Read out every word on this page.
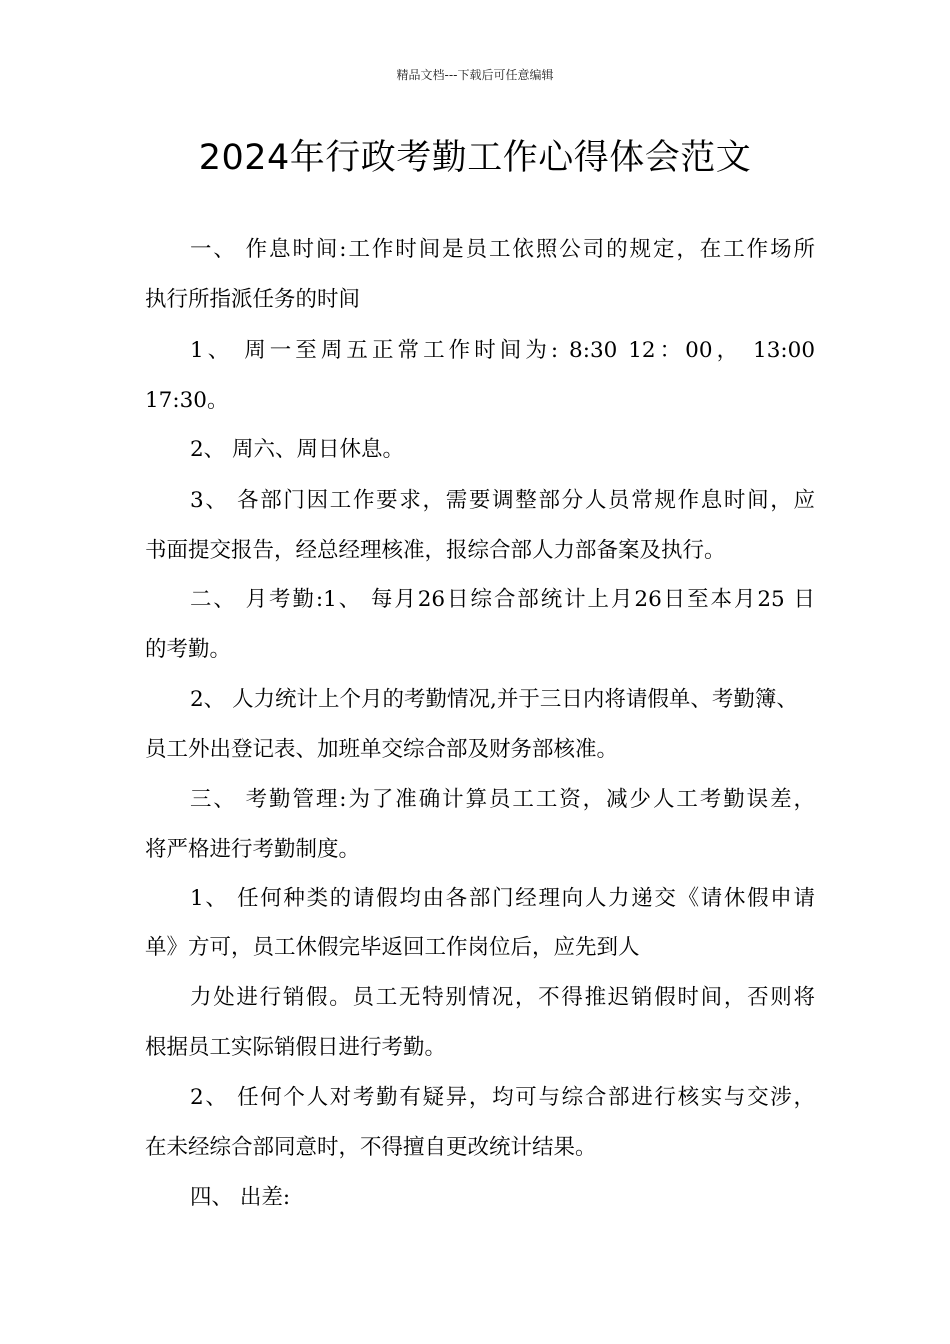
精品文档---下载后可任意编辑
2024年行政考勤工作心得体会范文
一、 作息时间:工作时间是员工依照公司的规定，在工作场所
执行所指派任务的时间
1、 周一至周五正常工作时间为: 8:30 12：00， 13:00
17:30。
2、 周六、周日休息。
3、 各部门因工作要求，需要调整部分人员常规作息时间，应
书面提交报告，经总经理核准，报综合部人力部备案及执行。
二、 月考勤:1、 每月26日综合部统计上月26日至本月25 日
的考勤。
2、 人力统计上个月的考勤情况,并于三日内将请假单、考勤簿、
员工外出登记表、加班单交综合部及财务部核准。
三、 考勤管理:为了准确计算员工工资，减少人工考勤误差，
将严格进行考勤制度。
1、 任何种类的请假均由各部门经理向人力递交《请休假申请
单》方可，员工休假完毕返回工作岗位后，应先到人
力处进行销假。员工无特别情况，不得推迟销假时间，否则将
根据员工实际销假日进行考勤。
2、 任何个人对考勤有疑异，均可与综合部进行核实与交涉，
在未经综合部同意时，不得擅自更改统计结果。
四、 出差:
